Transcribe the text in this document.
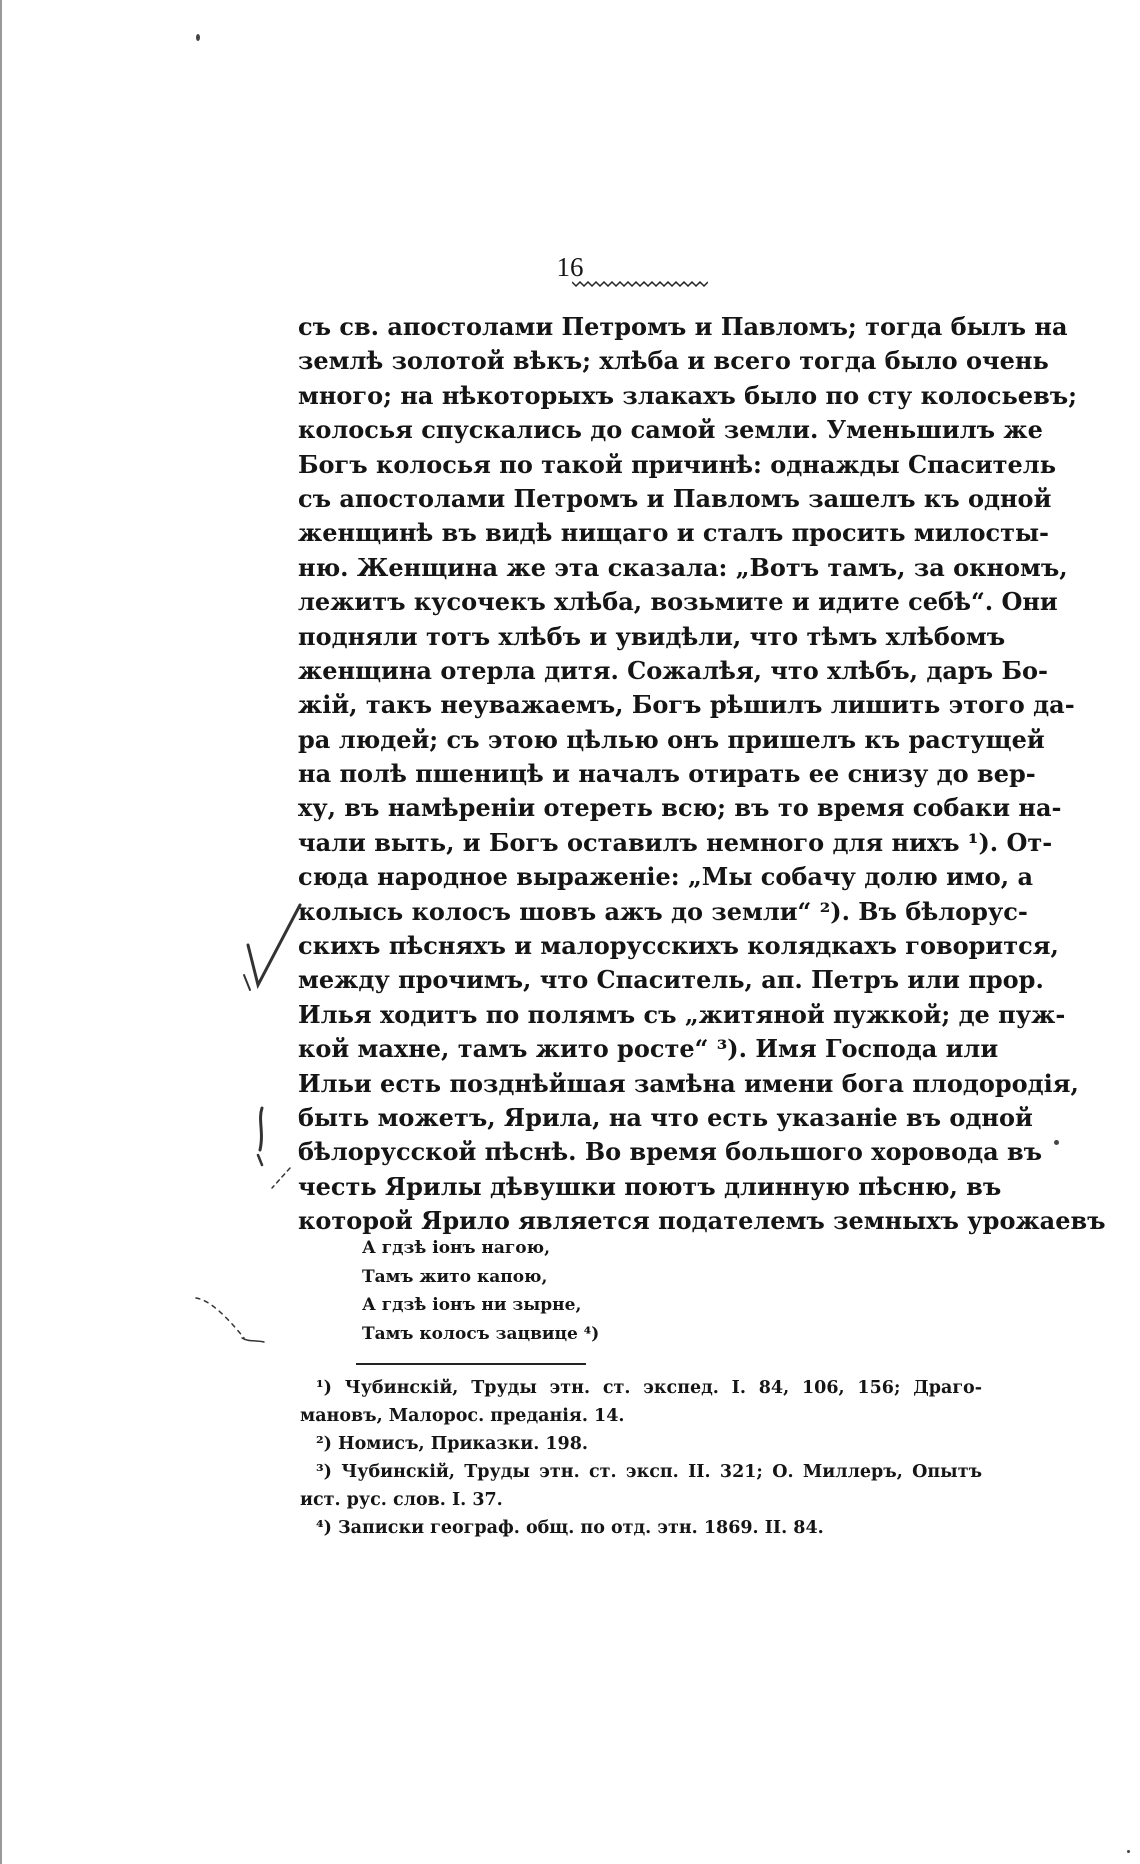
16
съ св. апостолами Петромъ и Павломъ; тогда былъ на
землѣ золотой вѣкъ; хлѣба и всего тогда было очень
много; на нѣкоторыхъ злакахъ было по сту колосьевъ;
колосья спускались до самой земли. Уменьшилъ же
Богъ колосья по такой причинѣ: однажды Спаситель
съ апостолами Петромъ и Павломъ зашелъ къ одной
женщинѣ въ видѣ нищаго и сталъ просить милосты-
ню. Женщина же эта сказала: „Вотъ тамъ, за окномъ,
лежитъ кусочекъ хлѣба, возьмите и идите себѣ“. Они
подняли тотъ хлѣбъ и увидѣли, что тѣмъ хлѣбомъ
женщина отерла дитя. Сожалѣя, что хлѣбъ, даръ Бо-
жій, такъ неуважаемъ, Богъ рѣшилъ лишить этого да-
ра людей; съ этою цѣлью онъ пришелъ къ растущей
на полѣ пшеницѣ и началъ отирать ее снизу до вер-
ху, въ намѣреніи отереть всю; въ то время собаки на-
чали выть, и Богъ оставилъ немного для нихъ ¹). От-
сюда народное выраженіе: „Мы собачу долю имо, а
колысь колосъ шовъ ажъ до земли“ ²). Въ бѣлорус-
скихъ пѣсняхъ и малорусскихъ колядкахъ говорится,
между прочимъ, что Спаситель, ап. Петръ или прор.
Илья ходитъ по полямъ съ „житяной пужкой; де пуж-
кой махне, тамъ жито росте“ ³). Имя Господа или
Ильи есть позднѣйшая замѣна имени бога плодородія,
быть можетъ, Ярила, на что есть указаніе въ одной
бѣлорусской пѣснѣ. Во время большого хоровода въ
честь Ярилы дѣвушки поютъ длинную пѣсню, въ
которой Ярило является подателемъ земныхъ урожаевъ
А гдзѣ іонъ нагою,
Тамъ жито капою,
А гдзѣ іонъ ни зырне,
Тамъ колосъ зацвице ⁴)
¹) Чубинскій, Труды этн. ст. экспед. I. 84, 106, 156; Драго-
мановъ, Малорос. преданія. 14.
²) Номисъ, Приказки. 198.
³) Чубинскій, Труды этн. ст. эксп. II. 321; О. Миллеръ, Опытъ
ист. рус. слов. I. 37.
⁴) Записки географ. общ. по отд. этн. 1869. II. 84.
